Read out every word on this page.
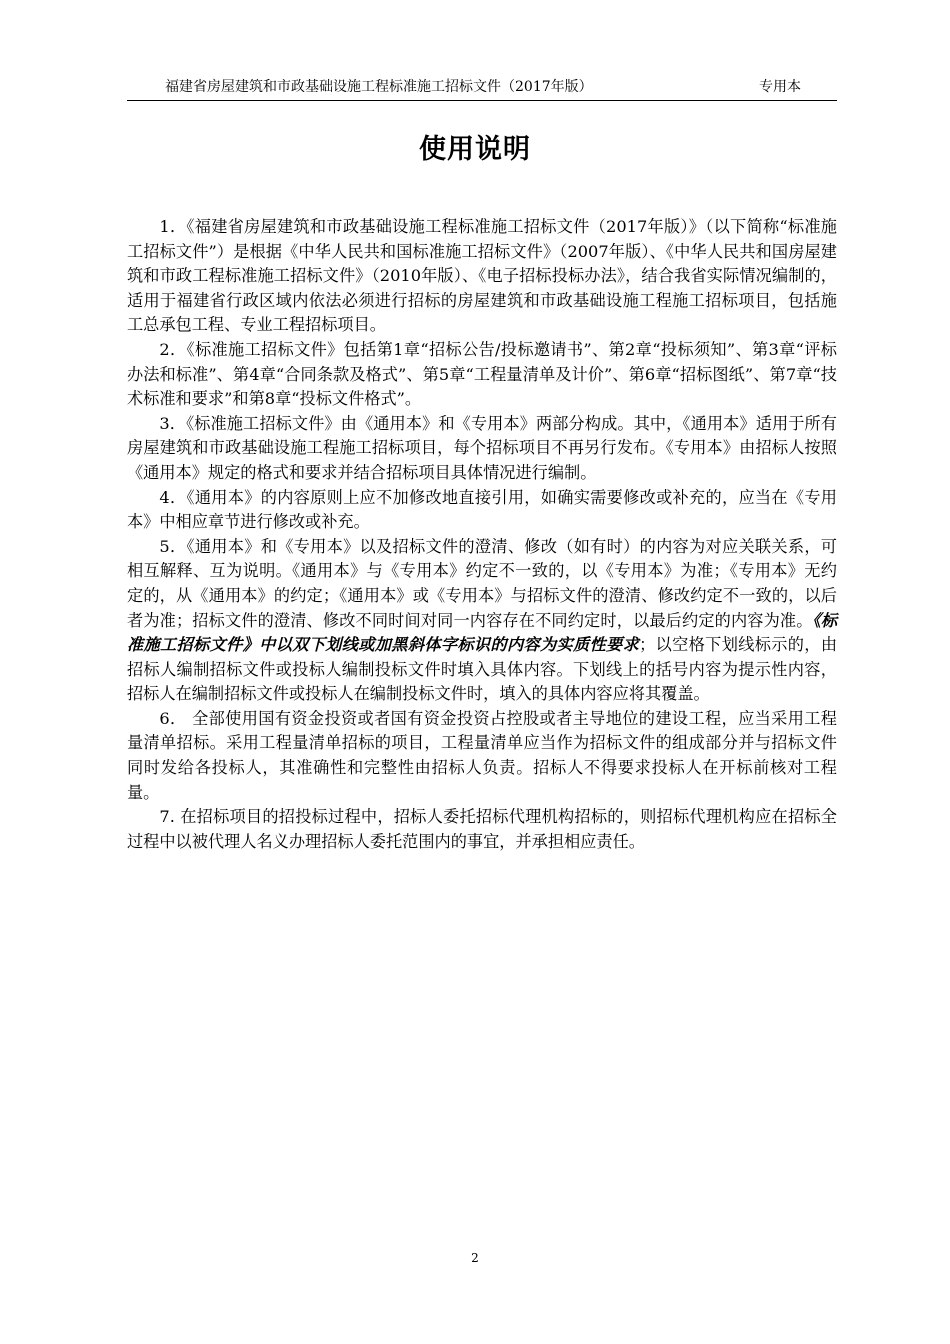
福建省房屋建筑和市政基础设施工程标准施工招标文件（2017年版）	专用本
使用说明

1．《福建省房屋建筑和市政基础设施工程标准施工招标文件（2017年版）》（以下简称“标准施工招标文件”）是根据《中华人民共和国标准施工招标文件》（2007年版）、《中华人民共和国房屋建筑和市政工程标准施工招标文件》（2010年版）、《电子招标投标办法》，结合我省实际情况编制的，适用于福建省行政区域内依法必须进行招标的房屋建筑和市政基础设施工程施工招标项目，包括施工总承包工程、专业工程招标项目。

2．《标准施工招标文件》包括第1章“招标公告/投标邀请书”、第2章“投标须知”、第3章“评标办法和标准”、第4章“合同条款及格式”、第5章“工程量清单及计价”、第6章“招标图纸”、第7章“技术标准和要求”和第8章“投标文件格式”。

3．《标准施工招标文件》由《通用本》和《专用本》两部分构成。其中，《通用本》适用于所有房屋建筑和市政基础设施工程施工招标项目，每个招标项目不再另行发布。《专用本》由招标人按照《通用本》规定的格式和要求并结合招标项目具体情况进行编制。

4．《通用本》的内容原则上应不加修改地直接引用，如确实需要修改或补充的，应当在《专用本》中相应章节进行修改或补充。

5．《通用本》和《专用本》以及招标文件的澄清、修改（如有时）的内容为对应关联关系，可相互解释、互为说明。《通用本》与《专用本》约定不一致的，以《专用本》为准；《专用本》无约定的，从《通用本》的约定；《通用本》或《专用本》与招标文件的澄清、修改约定不一致的，以后者为准；招标文件的澄清、修改不同时间对同一内容存在不同约定时，以最后约定的内容为准。《标准施工招标文件》中以双下划线或加黑斜体字标识的内容为实质性要求；以空格下划线标示的，由招标人编制招标文件或投标人编制投标文件时填入具体内容。下划线上的括号内容为提示性内容，招标人在编制招标文件或投标人在编制投标文件时，填入的具体内容应将其覆盖。

6． 全部使用国有资金投资或者国有资金投资占控股或者主导地位的建设工程，应当采用工程量清单招标。采用工程量清单招标的项目，工程量清单应当作为招标文件的组成部分并与招标文件同时发给各投标人，其准确性和完整性由招标人负责。招标人不得要求投标人在开标前核对工程量。

7. 在招标项目的招投标过程中，招标人委托招标代理机构招标的，则招标代理机构应在招标全过程中以被代理人名义办理招标人委托范围内的事宜，并承担相应责任。

2
